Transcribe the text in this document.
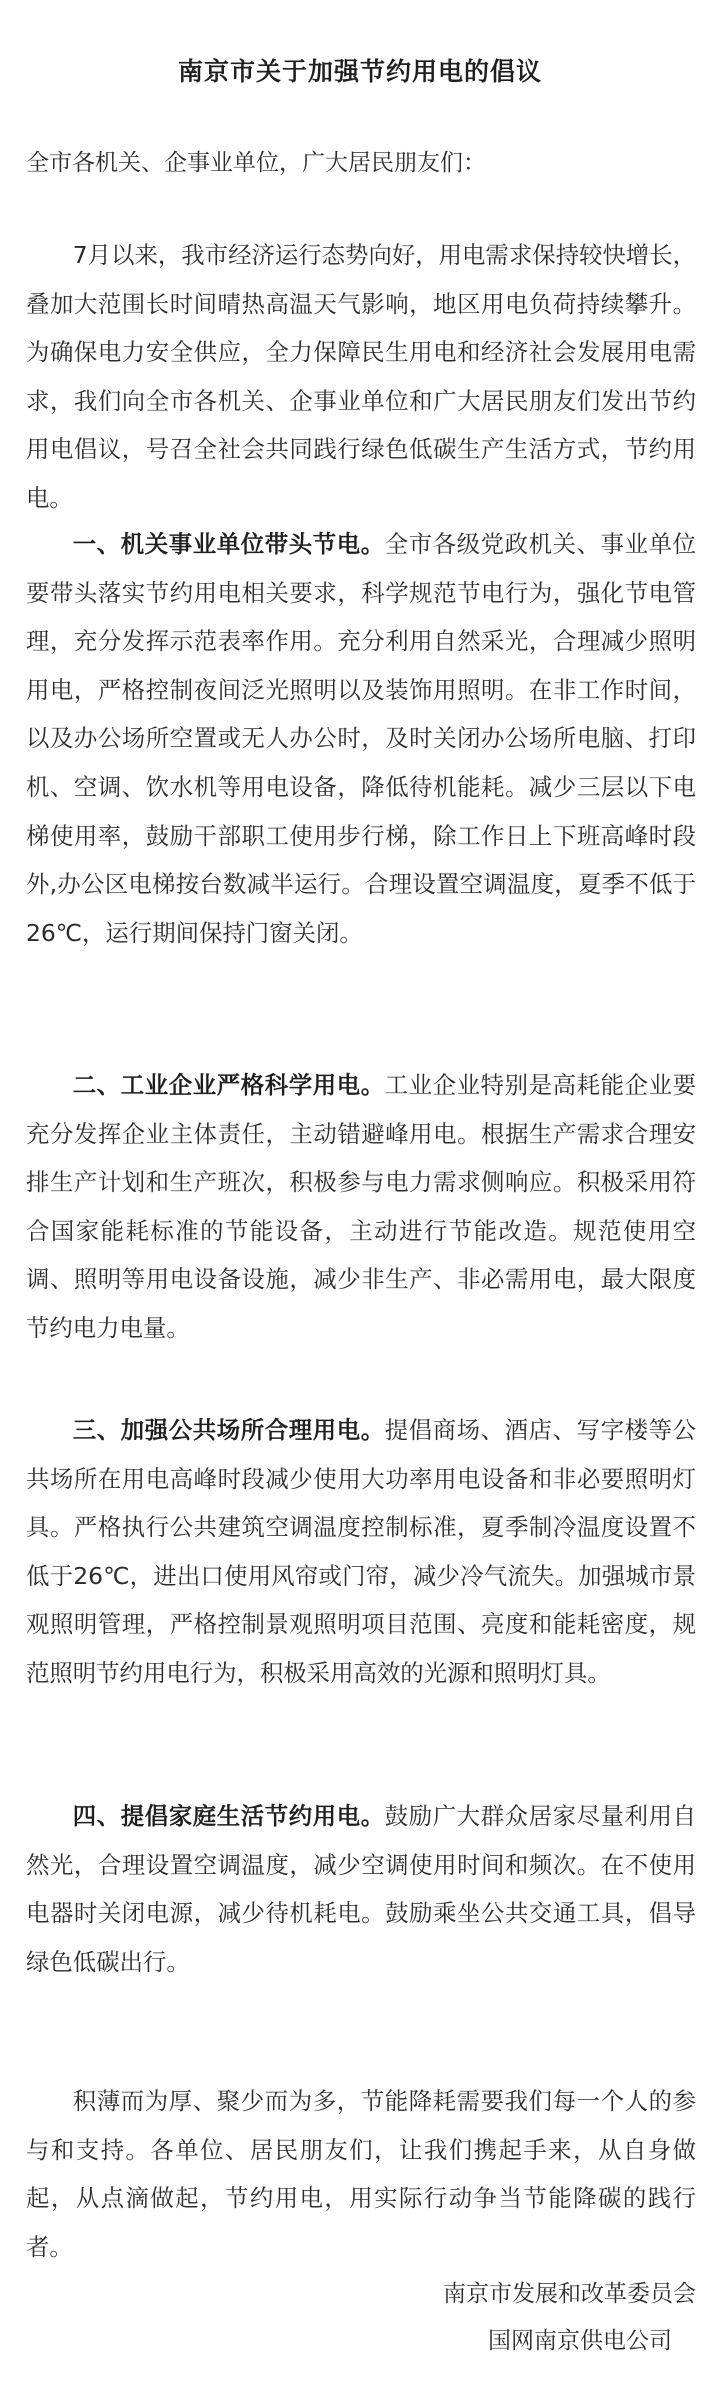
南京市关于加强节约用电的倡议
全市各机关、企事业单位，广大居民朋友们：

7月以来，我市经济运行态势向好，用电需求保持较快增长，叠加大范围长时间晴热高温天气影响，地区用电负荷持续攀升。为确保电力安全供应，全力保障民生用电和经济社会发展用电需求，我们向全市各机关、企事业单位和广大居民朋友们发出节约用电倡议，号召全社会共同践行绿色低碳生产生活方式，节约用电。

一、机关事业单位带头节电。全市各级党政机关、事业单位要带头落实节约用电相关要求，科学规范节电行为，强化节电管理，充分发挥示范表率作用。充分利用自然采光，合理减少照明用电，严格控制夜间泛光照明以及装饰用照明。在非工作时间，以及办公场所空置或无人办公时，及时关闭办公场所电脑、打印机、空调、饮水机等用电设备，降低待机能耗。减少三层以下电梯使用率，鼓励干部职工使用步行梯，除工作日上下班高峰时段外,办公区电梯按台数减半运行。合理设置空调温度，夏季不低于26℃，运行期间保持门窗关闭。

二、工业企业严格科学用电。工业企业特别是高耗能企业要充分发挥企业主体责任，主动错避峰用电。根据生产需求合理安排生产计划和生产班次，积极参与电力需求侧响应。积极采用符合国家能耗标准的节能设备，主动进行节能改造。规范使用空调、照明等用电设备设施，减少非生产、非必需用电，最大限度节约电力电量。

三、加强公共场所合理用电。提倡商场、酒店、写字楼等公共场所在用电高峰时段减少使用大功率用电设备和非必要照明灯具。严格执行公共建筑空调温度控制标准，夏季制冷温度设置不低于26℃，进出口使用风帘或门帘，减少冷气流失。加强城市景观照明管理，严格控制景观照明项目范围、亮度和能耗密度，规范照明节约用电行为，积极采用高效的光源和照明灯具。

四、提倡家庭生活节约用电。鼓励广大群众居家尽量利用自然光，合理设置空调温度，减少空调使用时间和频次。在不使用电器时关闭电源，减少待机耗电。鼓励乘坐公共交通工具，倡导绿色低碳出行。

积薄而为厚、聚少而为多，节能降耗需要我们每一个人的参与和支持。各单位、居民朋友们，让我们携起手来，从自身做起，从点滴做起，节约用电，用实际行动争当节能降碳的践行者。

南京市发展和改革委员会
国网南京供电公司
